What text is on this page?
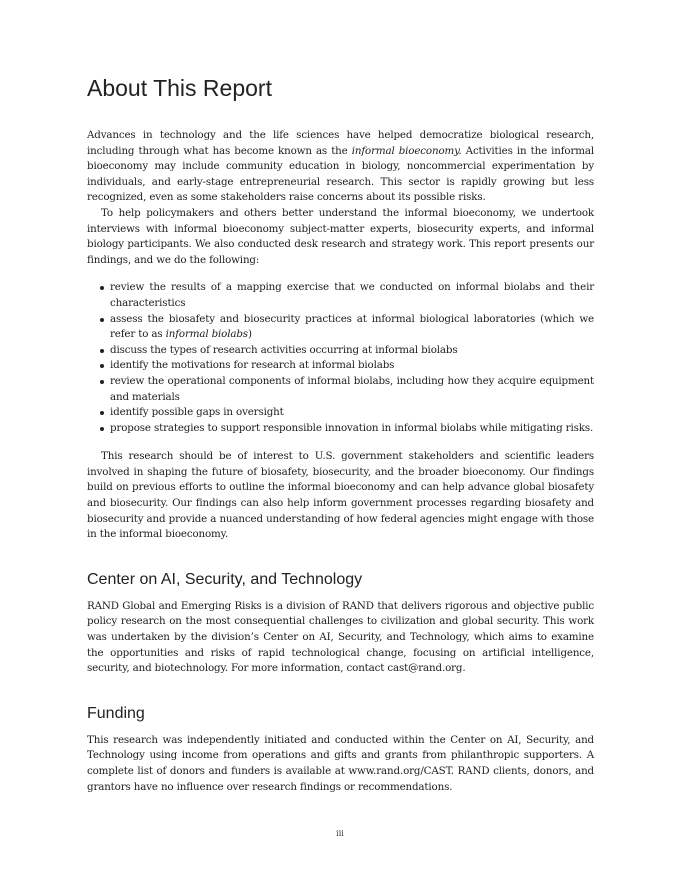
About This Report

Advances in technology and the life sciences have helped democratize biological research, including through what has become known as the informal bioeconomy. Activities in the informal bioeconomy may include community education in biology, noncommercial experimentation by individuals, and early-stage entrepreneurial research. This sector is rapidly growing but less recognized, even as some stakeholders raise concerns about its possible risks.

To help policymakers and others better understand the informal bioeconomy, we undertook interviews with informal bioeconomy subject-matter experts, biosecurity experts, and informal biology participants. We also conducted desk research and strategy work. This report presents our findings, and we do the following:

review the results of a mapping exercise that we conducted on informal biolabs and their characteristics
assess the biosafety and biosecurity practices at informal biological laboratories (which we refer to as informal biolabs)
discuss the types of research activities occurring at informal biolabs
identify the motivations for research at informal biolabs
review the operational components of informal biolabs, including how they acquire equipment and materials
identify possible gaps in oversight
propose strategies to support responsible innovation in informal biolabs while mitigating risks.

This research should be of interest to U.S. government stakeholders and scientific leaders involved in shaping the future of biosafety, biosecurity, and the broader bioeconomy. Our findings build on previous efforts to outline the informal bioeconomy and can help advance global biosafety and biosecurity. Our findings can also help inform government processes regarding biosafety and biosecurity and provide a nuanced understanding of how federal agencies might engage with those in the informal bioeconomy.

Center on AI, Security, and Technology

RAND Global and Emerging Risks is a division of RAND that delivers rigorous and objective public policy research on the most consequential challenges to civilization and global security. This work was undertaken by the division’s Center on AI, Security, and Technology, which aims to examine the opportunities and risks of rapid technological change, focusing on artificial intelligence, security, and biotechnology. For more information, contact cast@rand.org.

Funding

This research was independently initiated and conducted within the Center on AI, Security, and Technology using income from operations and gifts and grants from philanthropic supporters. A complete list of donors and funders is available at www.rand.org/CAST. RAND clients, donors, and grantors have no influence over research findings or recommendations.

iii
